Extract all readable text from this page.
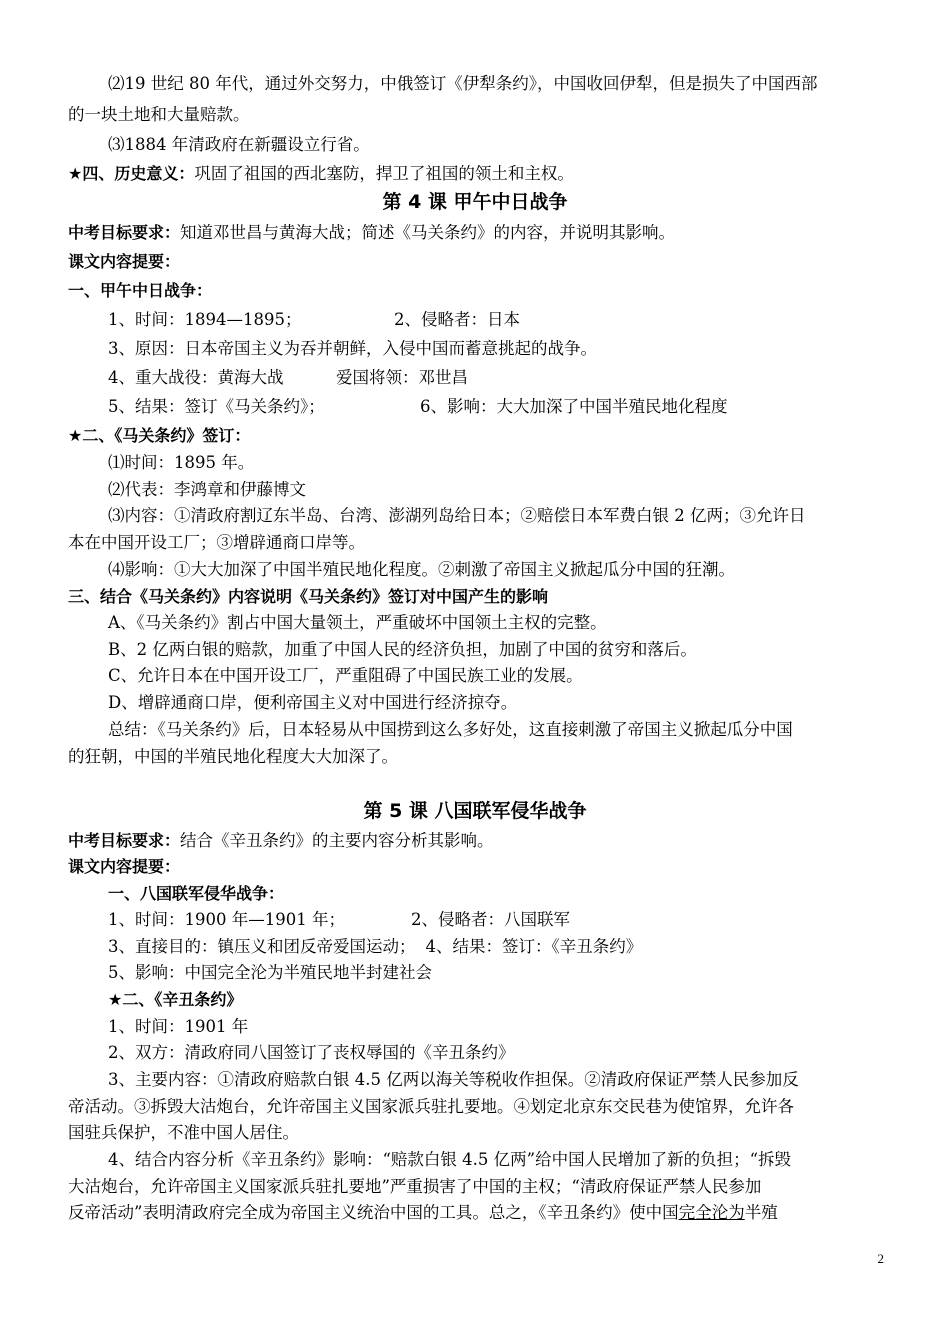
⑵19 世纪 80 年代，通过外交努力，中俄签订《伊犁条约》，中国收回伊犁，但是损失了中国西部
的一块土地和大量赔款。
⑶1884 年清政府在新疆设立行省。
★四、历史意义：巩固了祖国的西北塞防，捍卫了祖国的领土和主权。
第 4 课 甲午中日战争
中考目标要求：知道邓世昌与黄海大战；简述《马关条约》的内容，并说明其影响。
课文内容提要：
一、甲午中日战争：
1、时间：1894—1895；	2、侵略者：日本
3、原因：日本帝国主义为吞并朝鲜，入侵中国而蓄意挑起的战争。
4、重大战役：黄海大战	爱国将领：邓世昌
5、结果：签订《马关条约》；	6、影响：大大加深了中国半殖民地化程度
★二、《马关条约》签订：
⑴时间：1895 年。
⑵代表：李鸿章和伊藤博文
⑶内容：①清政府割辽东半岛、台湾、澎湖列岛给日本；②赔偿日本军费白银 2 亿两；③允许日
本在中国开设工厂；③增辟通商口岸等。
⑷影响：①大大加深了中国半殖民地化程度。②刺激了帝国主义掀起瓜分中国的狂潮。
三、结合《马关条约》内容说明《马关条约》签订对中国产生的影响
A、《马关条约》割占中国大量领土，严重破坏中国领土主权的完整。
B、2 亿两白银的赔款，加重了中国人民的经济负担，加剧了中国的贫穷和落后。
C、允许日本在中国开设工厂，严重阻碍了中国民族工业的发展。
D、增辟通商口岸，便利帝国主义对中国进行经济掠夺。
总结：《马关条约》后，日本轻易从中国捞到这么多好处，这直接刺激了帝国主义掀起瓜分中国
的狂朝，中国的半殖民地化程度大大加深了。
第 5 课 八国联军侵华战争
中考目标要求：结合《辛丑条约》的主要内容分析其影响。
课文内容提要：
一、八国联军侵华战争：
1、时间：1900 年—1901 年；	2、侵略者：八国联军
3、直接目的：镇压义和团反帝爱国运动； 4、结果：签订：《辛丑条约》
5、影响：中国完全沦为半殖民地半封建社会
★二、《辛丑条约》
1、时间：1901 年
2、双方：清政府同八国签订了丧权辱国的《辛丑条约》
3、主要内容：①清政府赔款白银 4.5 亿两以海关等税收作担保。②清政府保证严禁人民参加反
帝活动。③拆毁大沽炮台，允许帝国主义国家派兵驻扎要地。④划定北京东交民巷为使馆界，允许各
国驻兵保护，不准中国人居住。
4、结合内容分析《辛丑条约》影响：“赔款白银 4.5 亿两”给中国人民增加了新的负担；“拆毁
大沽炮台，允许帝国主义国家派兵驻扎要地”严重损害了中国的主权；“清政府保证严禁人民参加
反帝活动”表明清政府完全成为帝国主义统治中国的工具。总之，《辛丑条约》使中国完全沦为半殖
2
